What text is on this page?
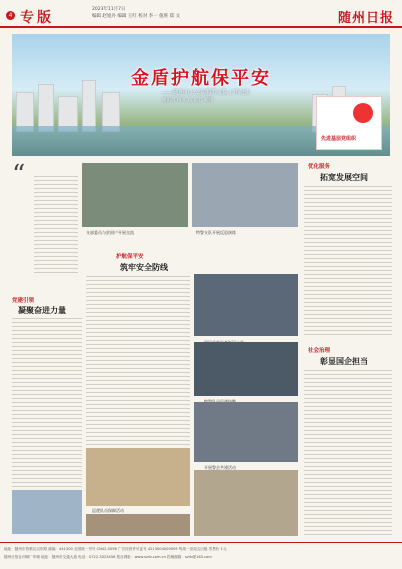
4 专版
2023年11月7日
编辑 赵旭丹 编辑 王红 校对 李一 值班 郑 文	随州日报
金盾护航保平安
——随州市公安局特警支队工作纪实
通讯员 杨文 高 记者 刘帅
先进基层党组织
“
支部委员与贫困户开展交流	特警支队开展反恐演练
优化服务
拓宽发展空间
党建引领
凝聚奋进力量
护航保平安
筑牢安全防线
社会治理
彰显国企担当
巡逻队员保障活动
开展警企共建活动
地址：随州市曾都区汉东路 邮编：441300 全国统一刊号 CN42-0098 广告经营许可证号 4213004000009 每周一至周五出版 零售价 1元
随州日报社印刷厂印刷 地址：随州市交通大道 电话：0722-3323456 报社网址：www.szrb.com.cn 投稿邮箱：szrb@163.com
